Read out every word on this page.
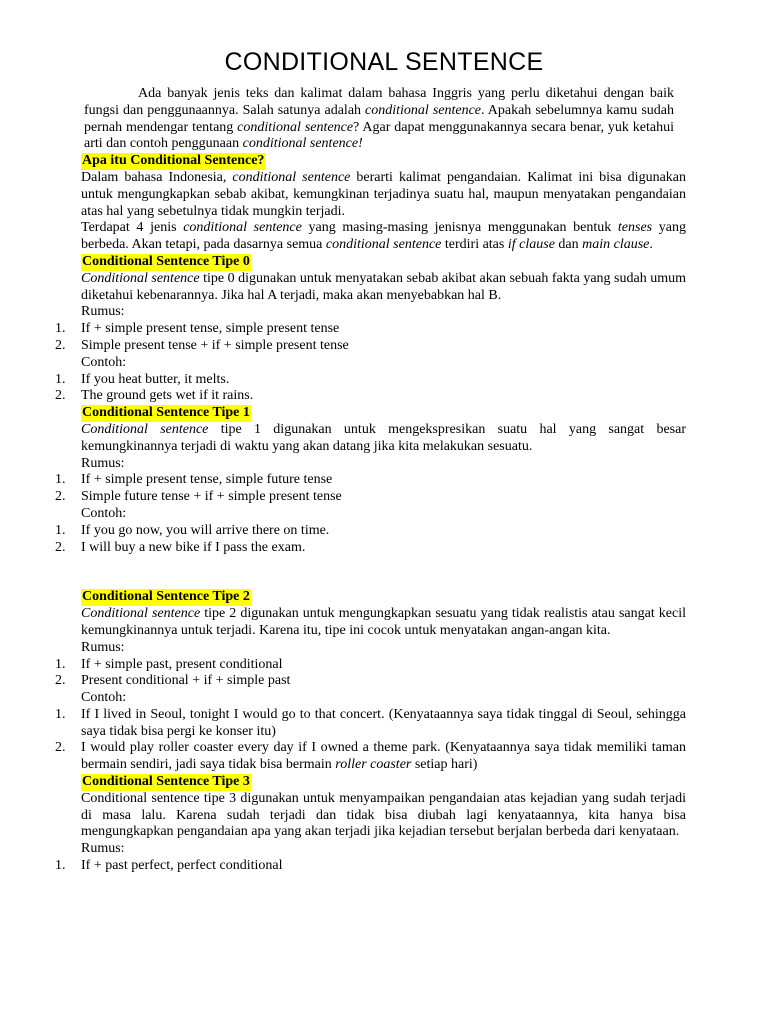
CONDITIONAL SENTENCE
Ada banyak jenis teks dan kalimat dalam bahasa Inggris yang perlu diketahui dengan baik fungsi dan penggunaannya. Salah satunya adalah conditional sentence. Apakah sebelumnya kamu sudah pernah mendengar tentang conditional sentence? Agar dapat menggunakannya secara benar, yuk ketahui arti dan contoh penggunaan conditional sentence!
Apa itu Conditional Sentence?
Dalam bahasa Indonesia, conditional sentence berarti kalimat pengandaian. Kalimat ini bisa digunakan untuk mengungkapkan sebab akibat, kemungkinan terjadinya suatu hal, maupun menyatakan pengandaian atas hal yang sebetulnya tidak mungkin terjadi.
Terdapat 4 jenis conditional sentence yang masing-masing jenisnya menggunakan bentuk tenses yang berbeda. Akan tetapi, pada dasarnya semua conditional sentence terdiri atas if clause dan main clause.
Conditional Sentence Tipe 0
Conditional sentence tipe 0 digunakan untuk menyatakan sebab akibat akan sebuah fakta yang sudah umum diketahui kebenarannya. Jika hal A terjadi, maka akan menyebabkan hal B.
Rumus:
1. If + simple present tense, simple present tense
2. Simple present tense + if + simple present tense
Contoh:
1. If you heat butter, it melts.
2. The ground gets wet if it rains.
Conditional Sentence Tipe 1
Conditional sentence tipe 1 digunakan untuk mengekspresikan suatu hal yang sangat besar kemungkinannya terjadi di waktu yang akan datang jika kita melakukan sesuatu.
Rumus:
1. If + simple present tense, simple future tense
2. Simple future tense + if + simple present tense
Contoh:
1. If you go now, you will arrive there on time.
2. I will buy a new bike if I pass the exam.
Conditional Sentence Tipe 2
Conditional sentence tipe 2 digunakan untuk mengungkapkan sesuatu yang tidak realistis atau sangat kecil kemungkinannya untuk terjadi. Karena itu, tipe ini cocok untuk menyatakan angan-angan kita.
Rumus:
1. If + simple past, present conditional
2. Present conditional + if + simple past
Contoh:
1. If I lived in Seoul, tonight I would go to that concert. (Kenyataannya saya tidak tinggal di Seoul, sehingga saya tidak bisa pergi ke konser itu)
2. I would play roller coaster every day if I owned a theme park. (Kenyataannya saya tidak memiliki taman bermain sendiri, jadi saya tidak bisa bermain roller coaster setiap hari)
Conditional Sentence Tipe 3
Conditional sentence tipe 3 digunakan untuk menyampaikan pengandaian atas kejadian yang sudah terjadi di masa lalu. Karena sudah terjadi dan tidak bisa diubah lagi kenyataannya, kita hanya bisa mengungkapkan pengandaian apa yang akan terjadi jika kejadian tersebut berjalan berbeda dari kenyataan.
Rumus:
1. If + past perfect, perfect conditional
